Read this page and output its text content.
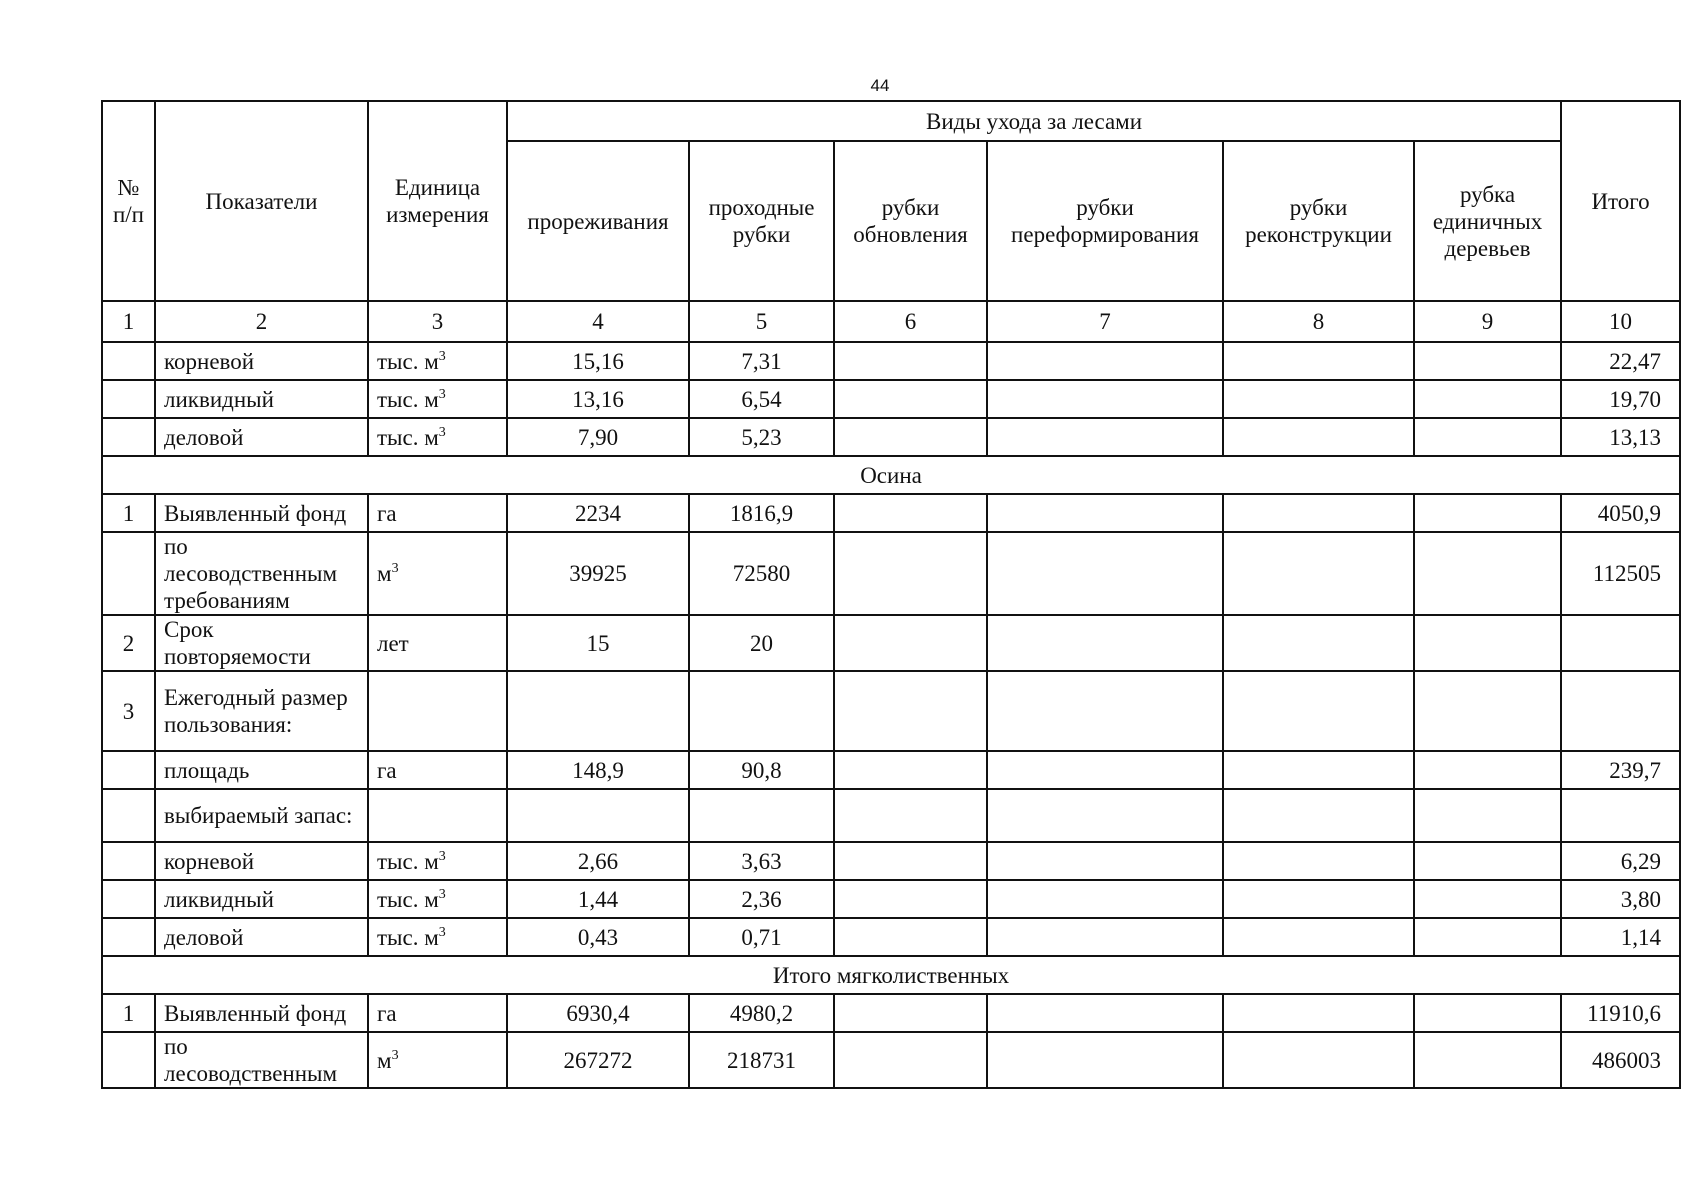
44
№ п/п	Показатели	Единица измерения	Виды ухода за лесами						Итого
			прореживания	проходные рубки	рубки обновления	рубки переформирования	рубки реконструкции	рубка единичных деревьев	
1	2	3	4	5	6	7	8	9	10
	корневой	тыс. $м^3$	15,16	7,31					22,47
	ликвидный	тыс. $м^3$	13,16	6,54					19,70
	деловой	тыс. $м^3$	7,90	5,23					13,13
Осина									
1	Выявленный фонд	га	2234	1816,9					4050,9
	по лесоводственным требованиям	$м^3$	39925	72580					112505
2	Срок повторяемости	лет	15	20					
3	Ежегодный размер пользования:								
	площадь	га	148,9	90,8					239,7
	выбираемый запас:								
	корневой	тыс. $м^3$	2,66	3,63					6,29
	ликвидный	тыс. $м^3$	1,44	2,36					3,80
	деловой	тыс. $м^3$	0,43	0,71					1,14
Итого мягколиственных									
1	Выявленный фонд	га	6930,4	4980,2					11910,6
	по лесоводственным	$м^3$	267272	218731					486003
